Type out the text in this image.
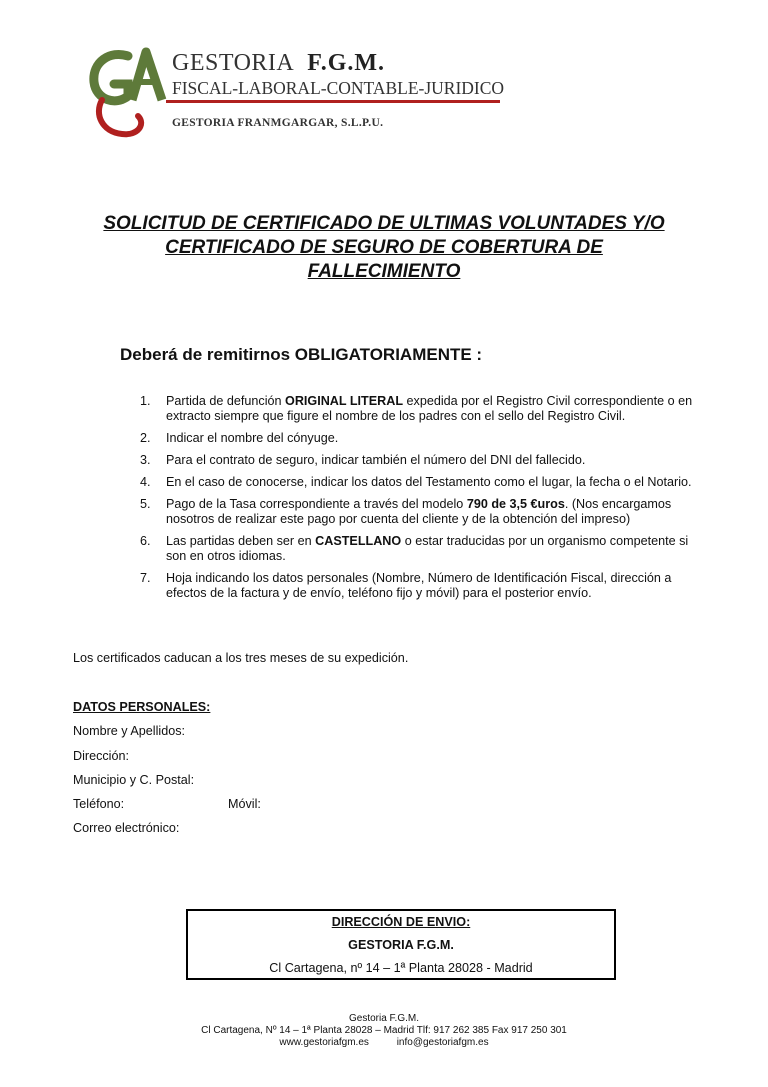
GESTORIA F.G.M.
FISCAL-LABORAL-CONTABLE-JURIDICO
GESTORIA FRANMGARGAR, S.L.P.U.
SOLICITUD DE CERTIFICADO DE ULTIMAS VOLUNTADES Y/O
CERTIFICADO DE SEGURO DE COBERTURA DE
FALLECIMIENTO
Deberá de remitirnos OBLIGATORIAMENTE :
1.	Partida de defunción ORIGINAL LITERAL expedida por el Registro Civil correspondiente o en extracto siempre que figure el nombre de los padres con el sello del Registro Civil.
2.	Indicar el nombre del cónyuge.
3.	Para el contrato de seguro, indicar también el número del DNI del fallecido.
4.	En el caso de conocerse, indicar los datos del Testamento como el lugar, la fecha o el Notario.
5.	Pago de la Tasa correspondiente a través del modelo 790 de 3,5 €uros. (Nos encargamos nosotros de realizar este pago por cuenta del cliente y de la obtención del impreso)
6.	Las partidas deben ser en CASTELLANO o estar traducidas por un organismo competente si son en otros idiomas.
7.	Hoja indicando los datos personales (Nombre, Número de Identificación Fiscal, dirección a efectos de la factura y de envío, teléfono fijo y móvil) para el posterior envío.
Los certificados caducan a los tres meses de su expedición.
DATOS PERSONALES:
Nombre y Apellidos:
Dirección:
Municipio y C. Postal:
Teléfono:	Móvil:
Correo electrónico:
DIRECCIÓN DE ENVIO:
GESTORIA F.G.M.
Cl Cartagena, nº 14 – 1ª Planta 28028 - Madrid
Gestoria F.G.M.
Cl Cartagena, Nº 14 – 1ª Planta 28028 – Madrid Tlf: 917 262 385 Fax 917 250 301
www.gestoriafgm.es	info@gestoriafgm.es
